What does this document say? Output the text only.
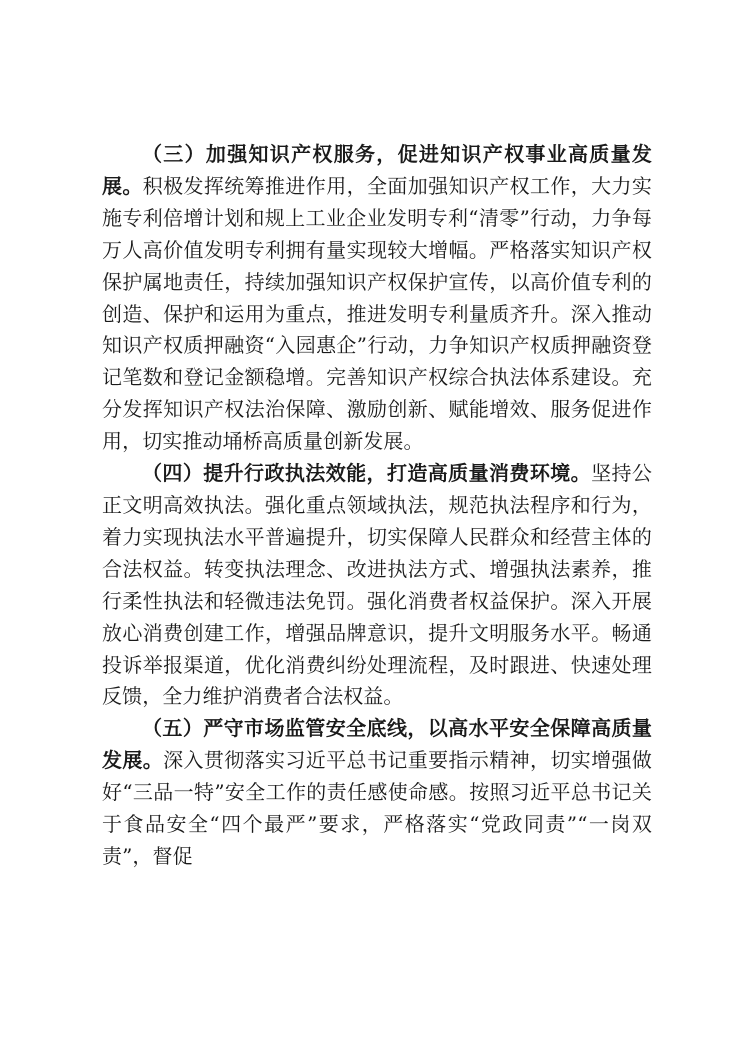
（三）加强知识产权服务，促进知识产权事业高质量发展。积极发挥统筹推进作用，全面加强知识产权工作，大力实施专利倍增计划和规上工业企业发明专利“清零”行动，力争每万人高价值发明专利拥有量实现较大增幅。严格落实知识产权保护属地责任，持续加强知识产权保护宣传，以高价值专利的创造、保护和运用为重点，推进发明专利量质齐升。深入推动知识产权质押融资“入园惠企”行动，力争知识产权质押融资登记笔数和登记金额稳增。完善知识产权综合执法体系建设。充分发挥知识产权法治保障、激励创新、赋能增效、服务促进作用，切实推动埇桥高质量创新发展。

（四）提升行政执法效能，打造高质量消费环境。坚持公正文明高效执法。强化重点领域执法，规范执法程序和行为，着力实现执法水平普遍提升，切实保障人民群众和经营主体的合法权益。转变执法理念、改进执法方式、增强执法素养，推行柔性执法和轻微违法免罚。强化消费者权益保护。深入开展放心消费创建工作，增强品牌意识，提升文明服务水平。畅通投诉举报渠道，优化消费纠纷处理流程，及时跟进、快速处理反馈，全力维护消费者合法权益。

（五）严守市场监管安全底线，以高水平安全保障高质量发展。深入贯彻落实习近平总书记重要指示精神，切实增强做好“三品一特”安全工作的责任感使命感。按照习近平总书记关于食品安全“四个最严”要求，严格落实“党政同责”“一岗双责”，督促
